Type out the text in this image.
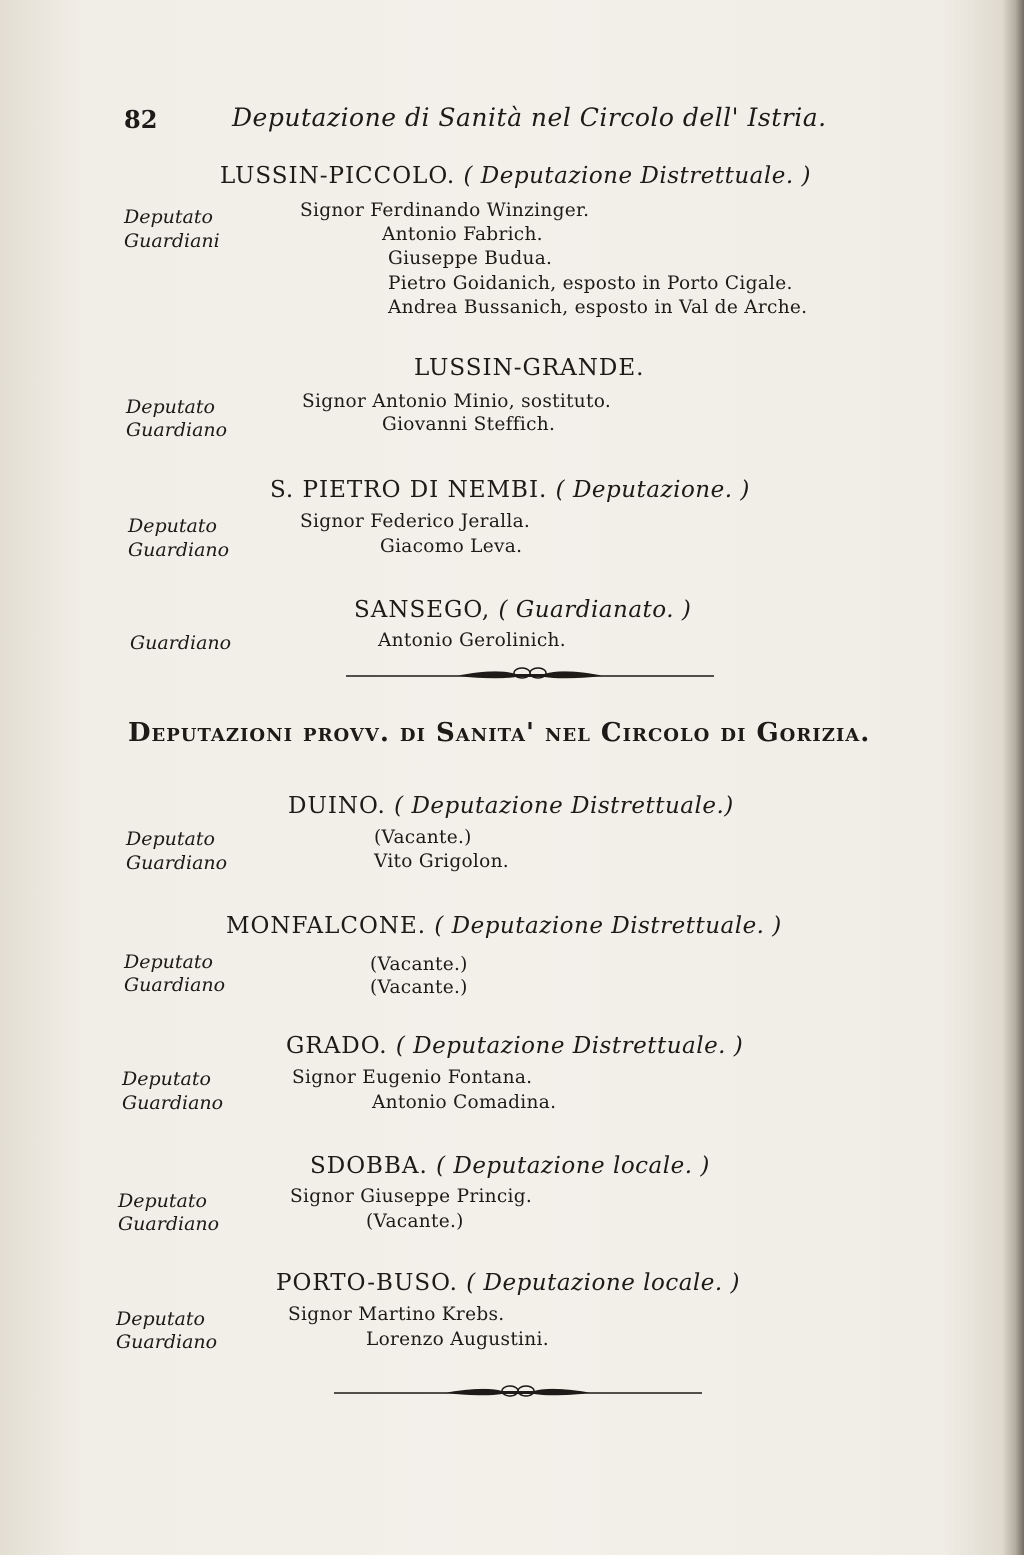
82	Deputazione di Sanità nel Circolo dell' Istria.
LUSSIN-PICCOLO. ( Deputazione Distrettuale. )
Deputato
Guardiani
Signor Ferdinando Winzinger.
Antonio Fabrich.
Giuseppe Budua.
Pietro Goidanich, esposto in Porto Cigale.
Andrea Bussanich, esposto in Val de Arche.
LUSSIN-GRANDE.
Deputato
Guardiano
Signor Antonio Minio, sostituto.
Giovanni Steffich.
S. PIETRO DI NEMBI. ( Deputazione. )
Deputato
Guardiano
Signor Federico Jeralla.
Giacomo Leva.
SANSEGO, ( Guardianato. )
Guardiano	Antonio Gerolinich.
Deputazioni provv. di Sanita' nel Circolo di Gorizia.
DUINO. ( Deputazione Distrettuale.)
Deputato
Guardiano
(Vacante.)
Vito Grigolon.
MONFALCONE. ( Deputazione Distrettuale. )
Deputato
Guardiano
(Vacante.)
(Vacante.)
GRADO. ( Deputazione Distrettuale. )
Deputato
Guardiano
Signor Eugenio Fontana.
Antonio Comadina.
SDOBBA. ( Deputazione locale. )
Deputato
Guardiano
Signor Giuseppe Princig.
(Vacante.)
PORTO-BUSO. ( Deputazione locale. )
Deputato
Guardiano
Signor Martino Krebs.
Lorenzo Augustini.
